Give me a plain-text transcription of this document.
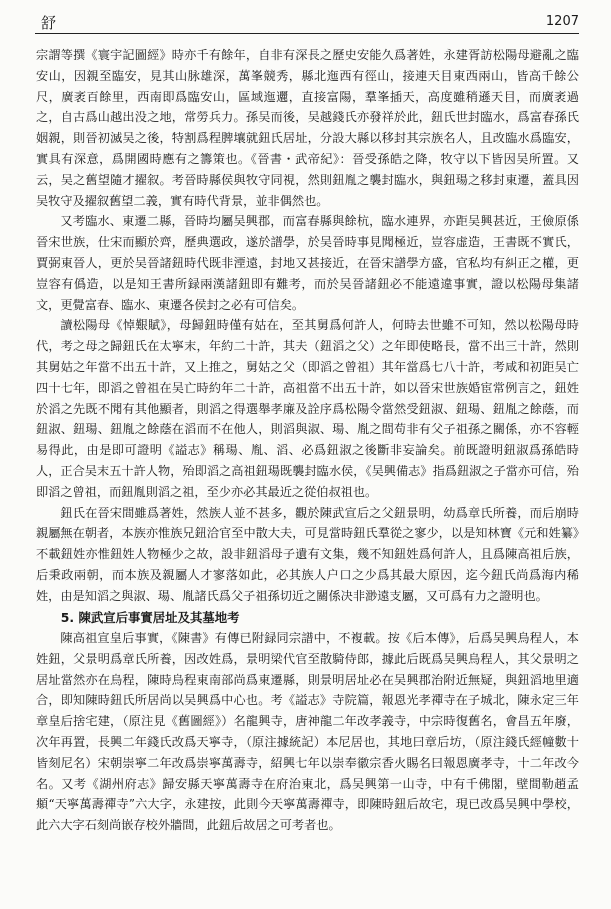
舒	1207

宗謂等撰《寰宇記圖經》時亦千有餘年，自非有深長之歷史安能久爲著姓，永建胥訪松陽母避亂之臨安山，因親至臨安，見其山脉雄深，萬峯競秀，縣北迤西有徑山，接連天目東西兩山，皆高千餘公尺，廣袤百餘里，西南即爲臨安山，區域迤邐，直接富陽，羣峯插天，高度雖稍遜天目，而廣袤過之，自古爲山越出没之地，常勞兵力。孫吴而後，吴越錢氏亦發祥於此，鈕氏世封臨水，爲富春孫氏姻親，則晉初滅吴之後，特割爲程脾壤就鈕氏居址，分設大縣以移封其宗族名人，且改臨水爲臨安，實具有深意，爲開國時應有之籌策也。《晉書・武帝紀》：晉受孫皓之降，牧守以下皆因吴所置。又云，吴之舊望隨才擢叙。考晉時縣侯與牧守同視，然則鈕胤之襲封臨水，與鈕瑒之移封東遷，蓋具因吴牧守及擢叙舊望二義，實有時代背景，並非偶然也。

又考臨水、東遷二縣，晉時均屬吴興郡，而富春縣與餘杭，臨水連界，亦距吴興甚近，王儉原係晉宋世族，仕宋而顯於齊，歷典選政，遂於譜學，於吴晉時事見聞極近，豈容虚造，王書既不實氏，賈弼東晉人，更於吴晉諸鈕時代既非湮遠，封地又甚接近，在晉宋譜學方盛，官私均有糾正之權，更豈容有僞造，以是知王書所録兩漢諸鈕即有難考，而於吴晉諸鈕必不能遠違事實，證以松陽母集諸文，更覺富春、臨水、東遷各侯封之必有可信矣。

讀松陽母《悼艱賦》，母歸鈕時僅有姑在，至其舅爲何許人，何時去世雖不可知，然以松陽母時代，考之母之歸鈕氏在太寧末，年約二十許，其夫（鈕滔之父）之年即使略長，當不出三十許，然則其舅姑之年當不出五十許，又上推之，舅姑之父（即滔之曾祖）其年當爲七八十許，考咸和初距吴亡四十七年，即滔之曾祖在吴亡時約年二十許，高祖當不出五十許，如以晉宋世族婚宦常例言之，鈕姓於滔之先既不聞有其他顯者，則滔之得選舉孝廉及詮序爲松陽令當然受鈕淑、鈕瑒、鈕胤之餘蔭，而鈕淑、鈕瑒、鈕胤之餘蔭在滔而不在他人，則滔與淑、瑒、胤之間苟非有父子祖孫之關係，亦不容輕易得此，由是即可證明《謚志》稱瑒、胤、滔、必爲鈕淑之後斷非妄論矣。前既證明鈕淑爲孫皓時人，正合吴末五十許人物，殆即滔之高祖鈕瑒既襲封臨水侯，《吴興備志》指爲鈕淑之子當亦可信，殆即滔之曾祖，而鈕胤則滔之祖，至少亦必其最近之從伯叔祖也。

鈕氏在晉宋間雖爲著姓，然族人並不甚多，觀於陳武宣后之父鈕景明，幼爲章氏所養，而后崩時親屬無在朝者，本族亦惟族兄鈕洽官至中散大夫，可見當時鈕氏羣從之寥少，以是知林寶《元和姓纂》不載鈕姓亦惟鈕姓人物極少之故，設非鈕滔母子遺有文集，幾不知鈕姓爲何許人，且爲陳高祖后族，后秉政兩朝，而本族及親屬人才寥落如此，必其族人户口之少爲其最大原因，迄今鈕氏尚爲海内稀姓，由是知滔之與淑、瑒、胤諸氏爲父子祖孫切近之關係决非渺遠支屬，又可爲有力之證明也。

5. 陳武宣后事實居址及其墓地考

陳高祖宣皇后事實，《陳書》有傳已附録同宗譜中，不複載。按《后本傳》，后爲吴興烏程人，本姓鈕，父景明爲章氏所養，因改姓爲，景明梁代官至散騎侍郎，據此后既爲吴興烏程人，其父景明之居址當然亦在烏程，陳時烏程東南部尚爲東遷縣，則景明居址必在吴興郡治附近無疑，與鈕滔地里適合，即知陳時鈕氏所居尚以吴興爲中心也。考《謚志》寺院篇，報恩光孝禪寺在子城北，陳永定三年章皇后捨宅建，（原注見《舊圖經》）名龍興寺，唐神龍二年改孝義寺，中宗時復舊名，會昌五年廢，次年再置，長興二年錢氏改爲天寧寺，（原注據統記）本尼居也，其地曰章后坊，（原注錢氏經幢數十皆刻尼名）宋朝崇寧二年改爲崇寧萬壽寺，紹興七年以崇奉徽宗香火賜名曰報恩廣孝寺，十二年改今名。又考《湖州府志》歸安縣天寧萬壽寺在府治東北，爲吴興第一山寺，中有千佛閣，壁間勒趙孟頫“天寧萬壽禪寺”六大字，永建按，此則今天寧萬壽禪寺，即陳時鈕后故宅，現已改爲吴興中學校，此六大字石刻尚嵌存校外牆間，此鈕后故居之可考者也。
